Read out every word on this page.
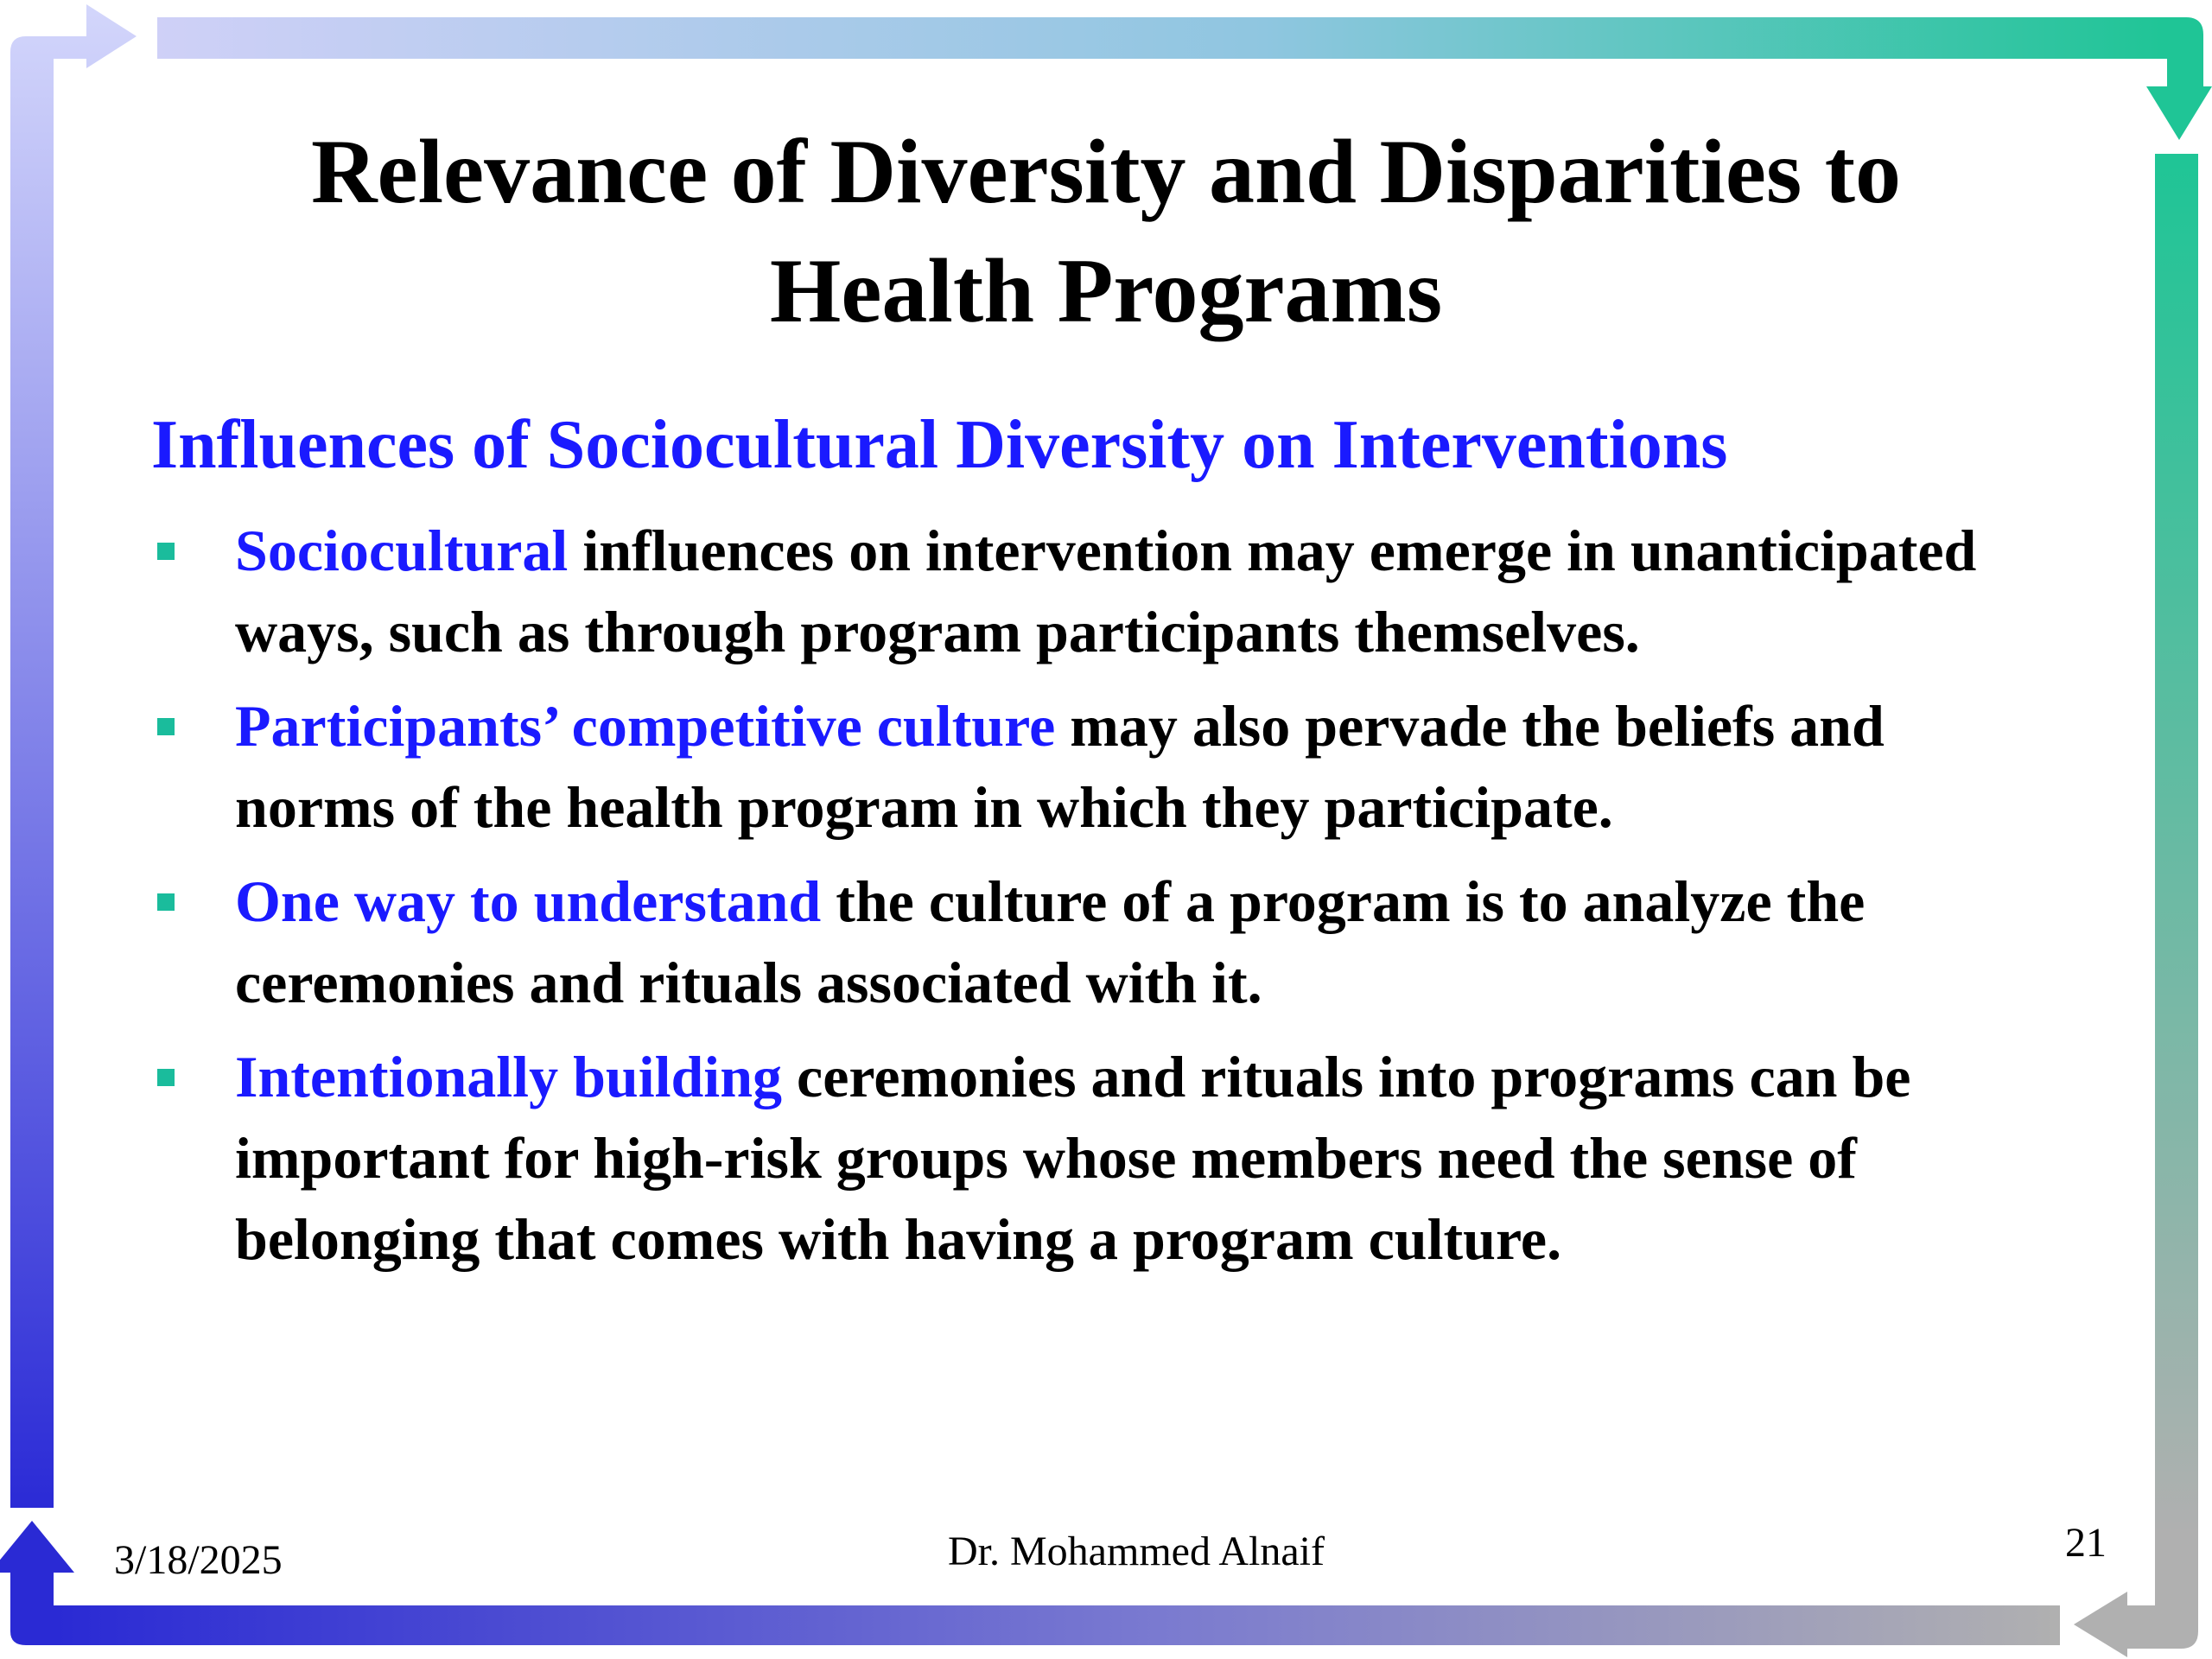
Relevance of Diversity and Disparities to
Health Programs
Influences of Sociocultural Diversity on Interventions
Sociocultural influences on intervention may emerge in unanticipated ways, such as through program participants themselves.
Participants’ competitive culture may also pervade the beliefs and norms of the health program in which they participate.
One way to understand the culture of a program is to analyze the ceremonies and rituals associated with it.
Intentionally building ceremonies and rituals into programs can be important for high-risk groups whose members need the sense of belonging that comes with having a program culture.
3/18/2025	Dr. Mohammed Alnaif	21
